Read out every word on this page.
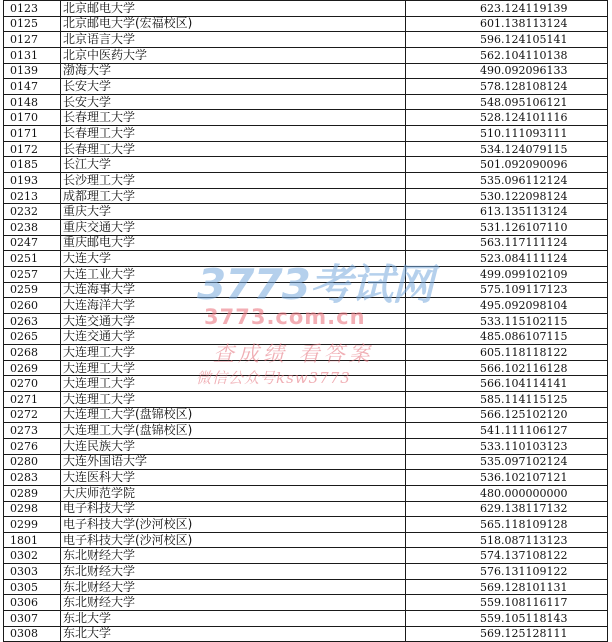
0123	北京邮电大学	623.124119139
0125	北京邮电大学(宏福校区)	601.138113124
0127	北京语言大学	596.124105141
0131	北京中医药大学	562.104110138
0139	渤海大学	490.092096133
0147	长安大学	578.128108124
0148	长安大学	548.095106121
0170	长春理工大学	528.124101116
0171	长春理工大学	510.111093111
0172	长春理工大学	534.124079115
0185	长江大学	501.092090096
0193	长沙理工大学	535.096112124
0213	成都理工大学	530.122098124
0232	重庆大学	613.135113124
0238	重庆交通大学	531.126107110
0247	重庆邮电大学	563.117111124
0251	大连大学	523.084111124
0257	大连工业大学	499.099102109
0259	大连海事大学	575.109117123
0260	大连海洋大学	495.092098104
0263	大连交通大学	533.115102115
0265	大连交通大学	485.086107115
0268	大连理工大学	605.118118122
0269	大连理工大学	566.102116128
0270	大连理工大学	566.104114141
0271	大连理工大学	585.114115125
0272	大连理工大学(盘锦校区)	566.125102120
0273	大连理工大学(盘锦校区)	541.111106127
0276	大连民族大学	533.110103123
0280	大连外国语大学	535.097102124
0283	大连医科大学	536.102107121
0289	大庆师范学院	480.000000000
0298	电子科技大学	629.138117132
0299	电子科技大学(沙河校区)	565.118109128
1801	电子科技大学(沙河校区)	518.087113123
0302	东北财经大学	574.137108122
0303	东北财经大学	576.131109122
0305	东北财经大学	569.128101131
0306	东北财经大学	559.108116117
0307	东北大学	559.105118143
0308	东北大学	569.125128111
3773考试网
3773.com.cn
查成绩 看答案
微信公众号ksw3773
